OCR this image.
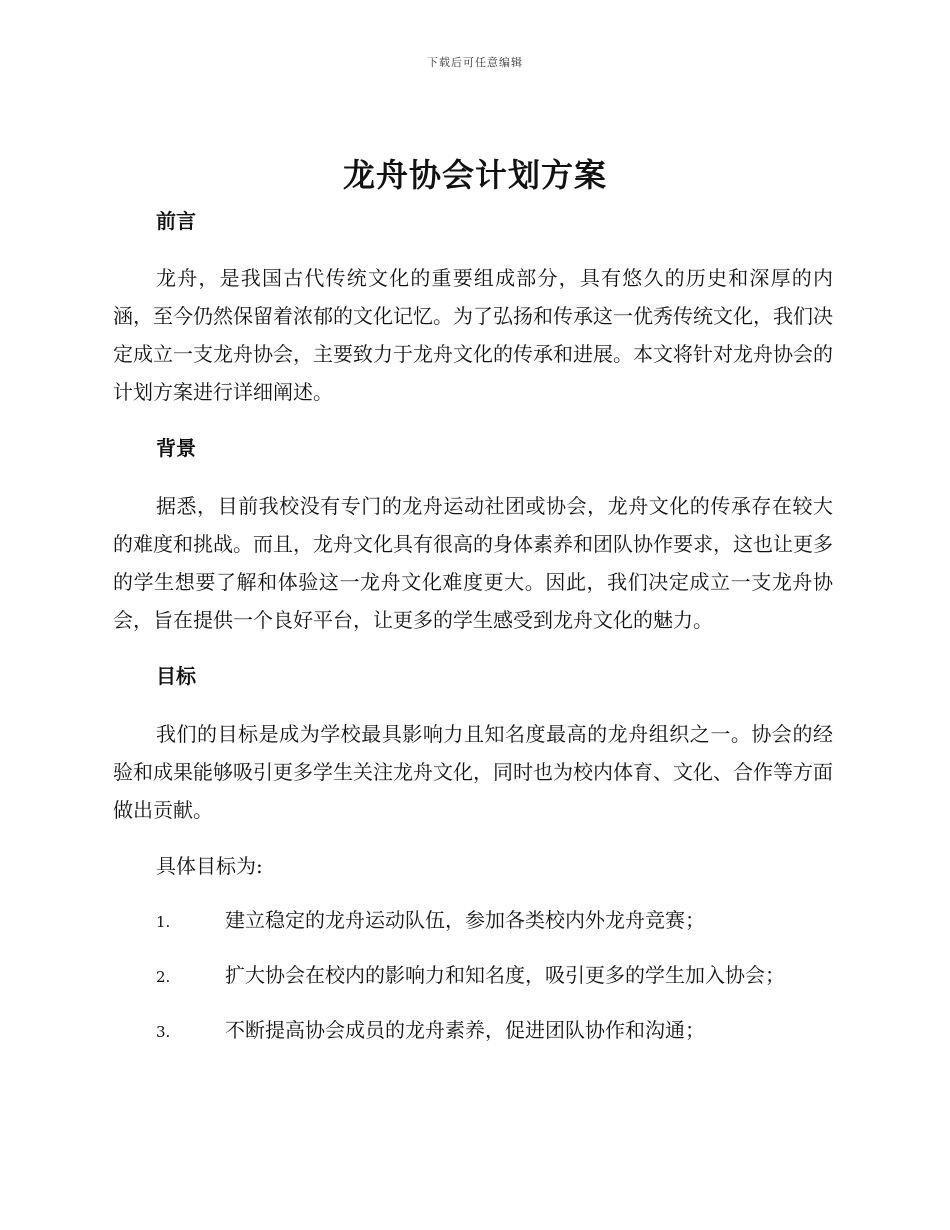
下载后可任意编辑
龙舟协会计划方案
前言

龙舟，是我国古代传统文化的重要组成部分，具有悠久的历史和深厚的内涵，至今仍然保留着浓郁的文化记忆。为了弘扬和传承这一优秀传统文化，我们决定成立一支龙舟协会，主要致力于龙舟文化的传承和进展。本文将针对龙舟协会的计划方案进行详细阐述。

背景

据悉，目前我校没有专门的龙舟运动社团或协会，龙舟文化的传承存在较大的难度和挑战。而且，龙舟文化具有很高的身体素养和团队协作要求，这也让更多的学生想要了解和体验这一龙舟文化难度更大。因此，我们决定成立一支龙舟协会，旨在提供一个良好平台，让更多的学生感受到龙舟文化的魅力。

目标

我们的目标是成为学校最具影响力且知名度最高的龙舟组织之一。协会的经验和成果能够吸引更多学生关注龙舟文化，同时也为校内体育、文化、合作等方面做出贡献。

具体目标为:

1.	建立稳定的龙舟运动队伍，参加各类校内外龙舟竞赛；
2.	扩大协会在校内的影响力和知名度，吸引更多的学生加入协会；
3.	不断提高协会成员的龙舟素养，促进团队协作和沟通；
